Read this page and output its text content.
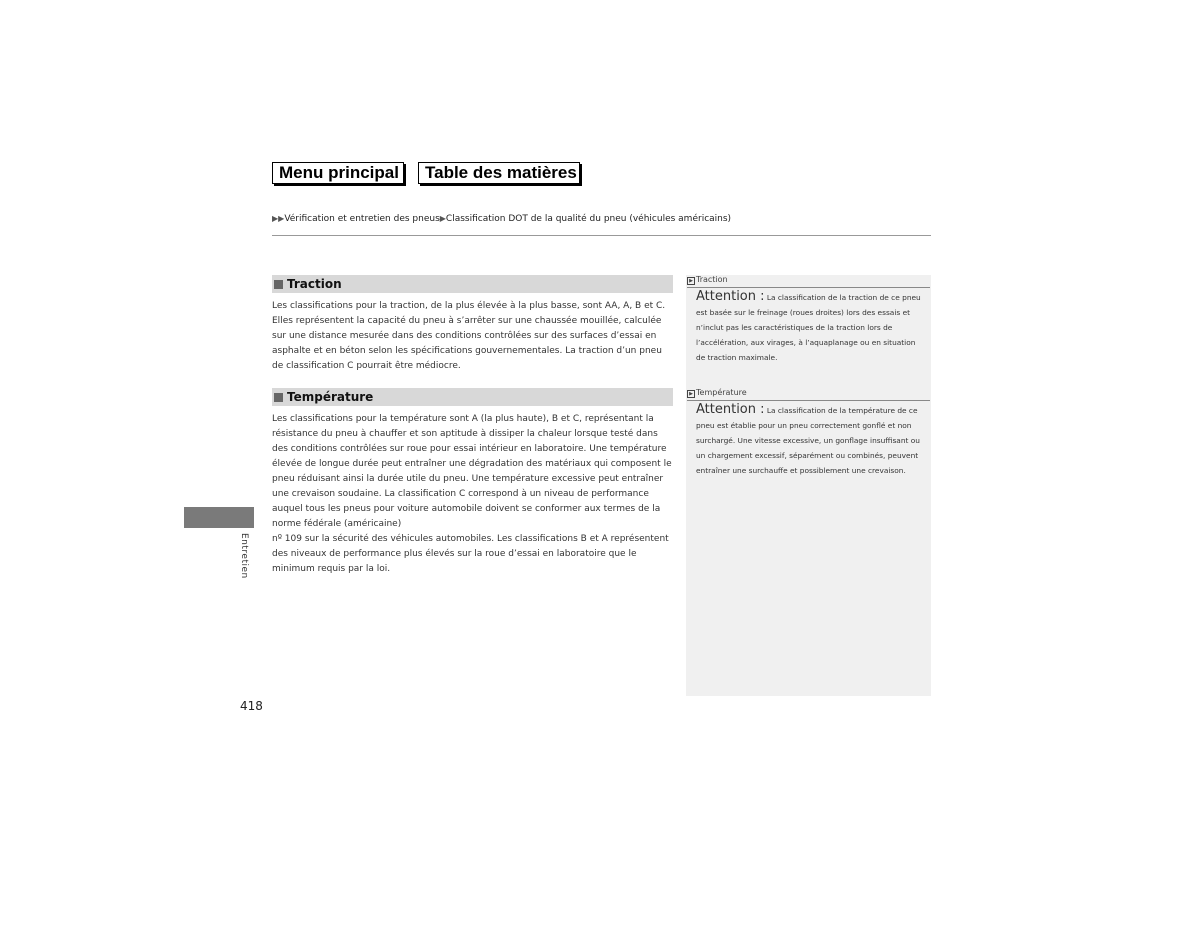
Menu principal	Table des matières
▶▶Vérification et entretien des pneus▶Classification DOT de la qualité du pneu (véhicules américains)
Traction
Les classifications pour la traction, de la plus élevée à la plus basse, sont AA, A, B et C. Elles représentent la capacité du pneu à s’arrêter sur une chaussée mouillée, calculée sur une distance mesurée dans des conditions contrôlées sur des surfaces d’essai en asphalte et en béton selon les spécifications gouvernementales. La traction d’un pneu de classification C pourrait être médiocre.
Température
Les classifications pour la température sont A (la plus haute), B et C, représentant la résistance du pneu à chauffer et son aptitude à dissiper la chaleur lorsque testé dans des conditions contrôlées sur roue pour essai intérieur en laboratoire. Une température élevée de longue durée peut entraîner une dégradation des matériaux qui composent le pneu réduisant ainsi la durée utile du pneu. Une température excessive peut entraîner une crevaison soudaine. La classification C correspond à un niveau de performance auquel tous les pneus pour voiture automobile doivent se conformer aux termes de la norme fédérale (américaine)
nº 109 sur la sécurité des véhicules automobiles. Les classifications B et A représentent des niveaux de performance plus élevés sur la roue d’essai en laboratoire que le minimum requis par la loi.
▶ Traction
Attention : La classification de la traction de ce pneu est basée sur le freinage (roues droites) lors des essais et n’inclut pas les caractéristiques de la traction lors de l’accélération, aux virages, à l’aquaplanage ou en situation de traction maximale.
▶ Température
Attention : La classification de la température de ce pneu est établie pour un pneu correctement gonflé et non surchargé. Une vitesse excessive, un gonflage insuffisant ou un chargement excessif, séparément ou combinés, peuvent entraîner une surchauffe et possiblement une crevaison.
Entretien
418
